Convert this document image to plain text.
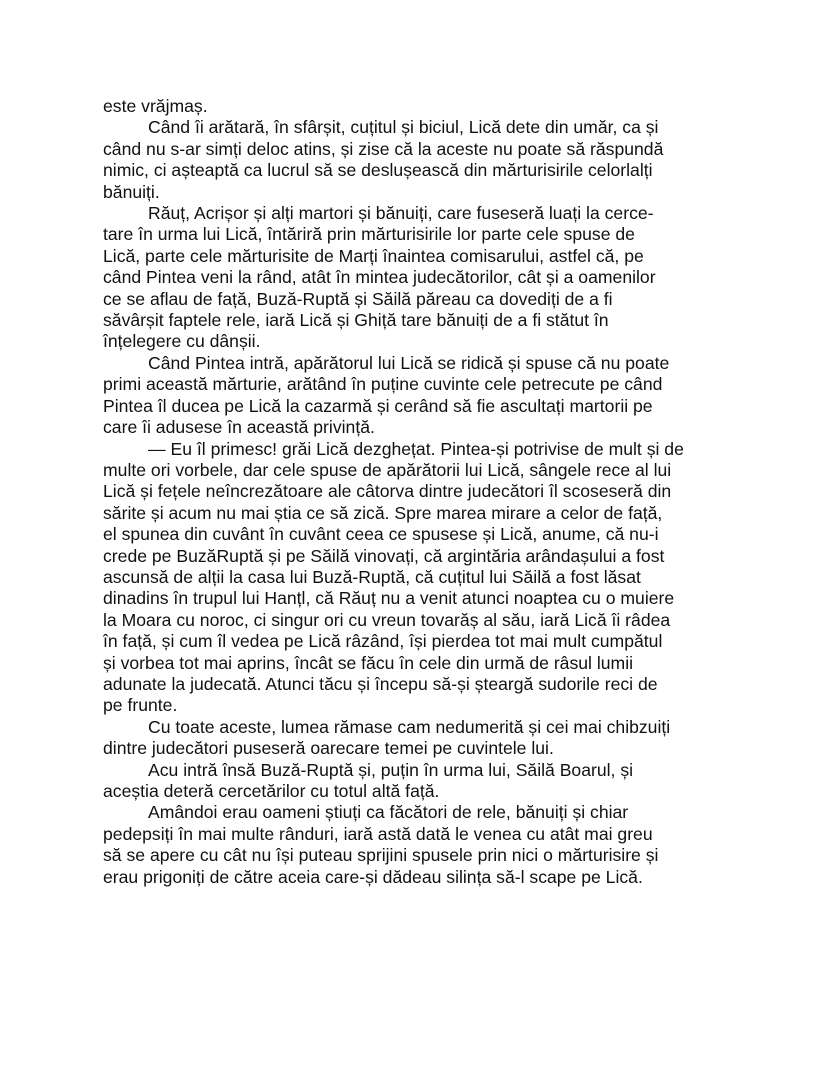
este vrăjmaș.

Când îi arătară, în sfârșit, cuțitul și biciul, Lică dete din umăr, ca și
când nu s-ar simți deloc atins, și zise că la aceste nu poate să răspundă
nimic, ci așteaptă ca lucrul să se deslușească din mărturisirile celorlalți
bănuiți.

Răuț, Acrișor și alți martori și bănuiți, care fuseseră luați la cerce-
tare în urma lui Lică, întăriră prin mărturisirile lor parte cele spuse de
Lică, parte cele mărturisite de Marți înaintea comisarului, astfel că, pe
când Pintea veni la rând, atât în mintea judecătorilor, cât și a oamenilor
ce se aflau de față, Buză-Ruptă și Săilă păreau ca dovediți de a fi
săvârșit faptele rele, iară Lică și Ghiță tare bănuiți de a fi stătut în
înțelegere cu dânșii.

Când Pintea intră, apărătorul lui Lică se ridică și spuse că nu poate
primi această mărturie, arătând în puține cuvinte cele petrecute pe când
Pintea îl ducea pe Lică la cazarmă și cerând să fie ascultați martorii pe
care îi adusese în această privință.

— Eu îl primesc! grăi Lică dezghețat. Pintea-și potrivise de mult și de
multe ori vorbele, dar cele spuse de apărătorii lui Lică, sângele rece al lui
Lică și fețele neîncrezătoare ale câtorva dintre judecători îl scoseseră din
sărite și acum nu mai știa ce să zică. Spre marea mirare a celor de față,
el spunea din cuvânt în cuvânt ceea ce spusese și Lică, anume, că nu-i
crede pe BuzăRuptă și pe Săilă vinovați, că argintăria arândașului a fost
ascunsă de alții la casa lui Buză-Ruptă, că cuțitul lui Săilă a fost lăsat
dinadins în trupul lui Hanțl, că Răuț nu a venit atunci noaptea cu o muiere
la Moara cu noroc, ci singur ori cu vreun tovarăș al său, iară Lică îi râdea
în față, și cum îl vedea pe Lică râzând, își pierdea tot mai mult cumpătul
și vorbea tot mai aprins, încât se făcu în cele din urmă de râsul lumii
adunate la judecată. Atunci tăcu și începu să-și șteargă sudorile reci de
pe frunte.

Cu toate aceste, lumea rămase cam nedumerită și cei mai chibzuiți
dintre judecători puseseră oarecare temei pe cuvintele lui.

Acu intră însă Buză-Ruptă și, puțin în urma lui, Săilă Boarul, și
aceștia deteră cercetărilor cu totul altă față.

Amândoi erau oameni știuți ca făcători de rele, bănuiți și chiar
pedepsiți în mai multe rânduri, iară astă dată le venea cu atât mai greu
să se apere cu cât nu își puteau sprijini spusele prin nici o mărturisire și
erau prigoniți de către aceia care-și dădeau silința să-l scape pe Lică.
